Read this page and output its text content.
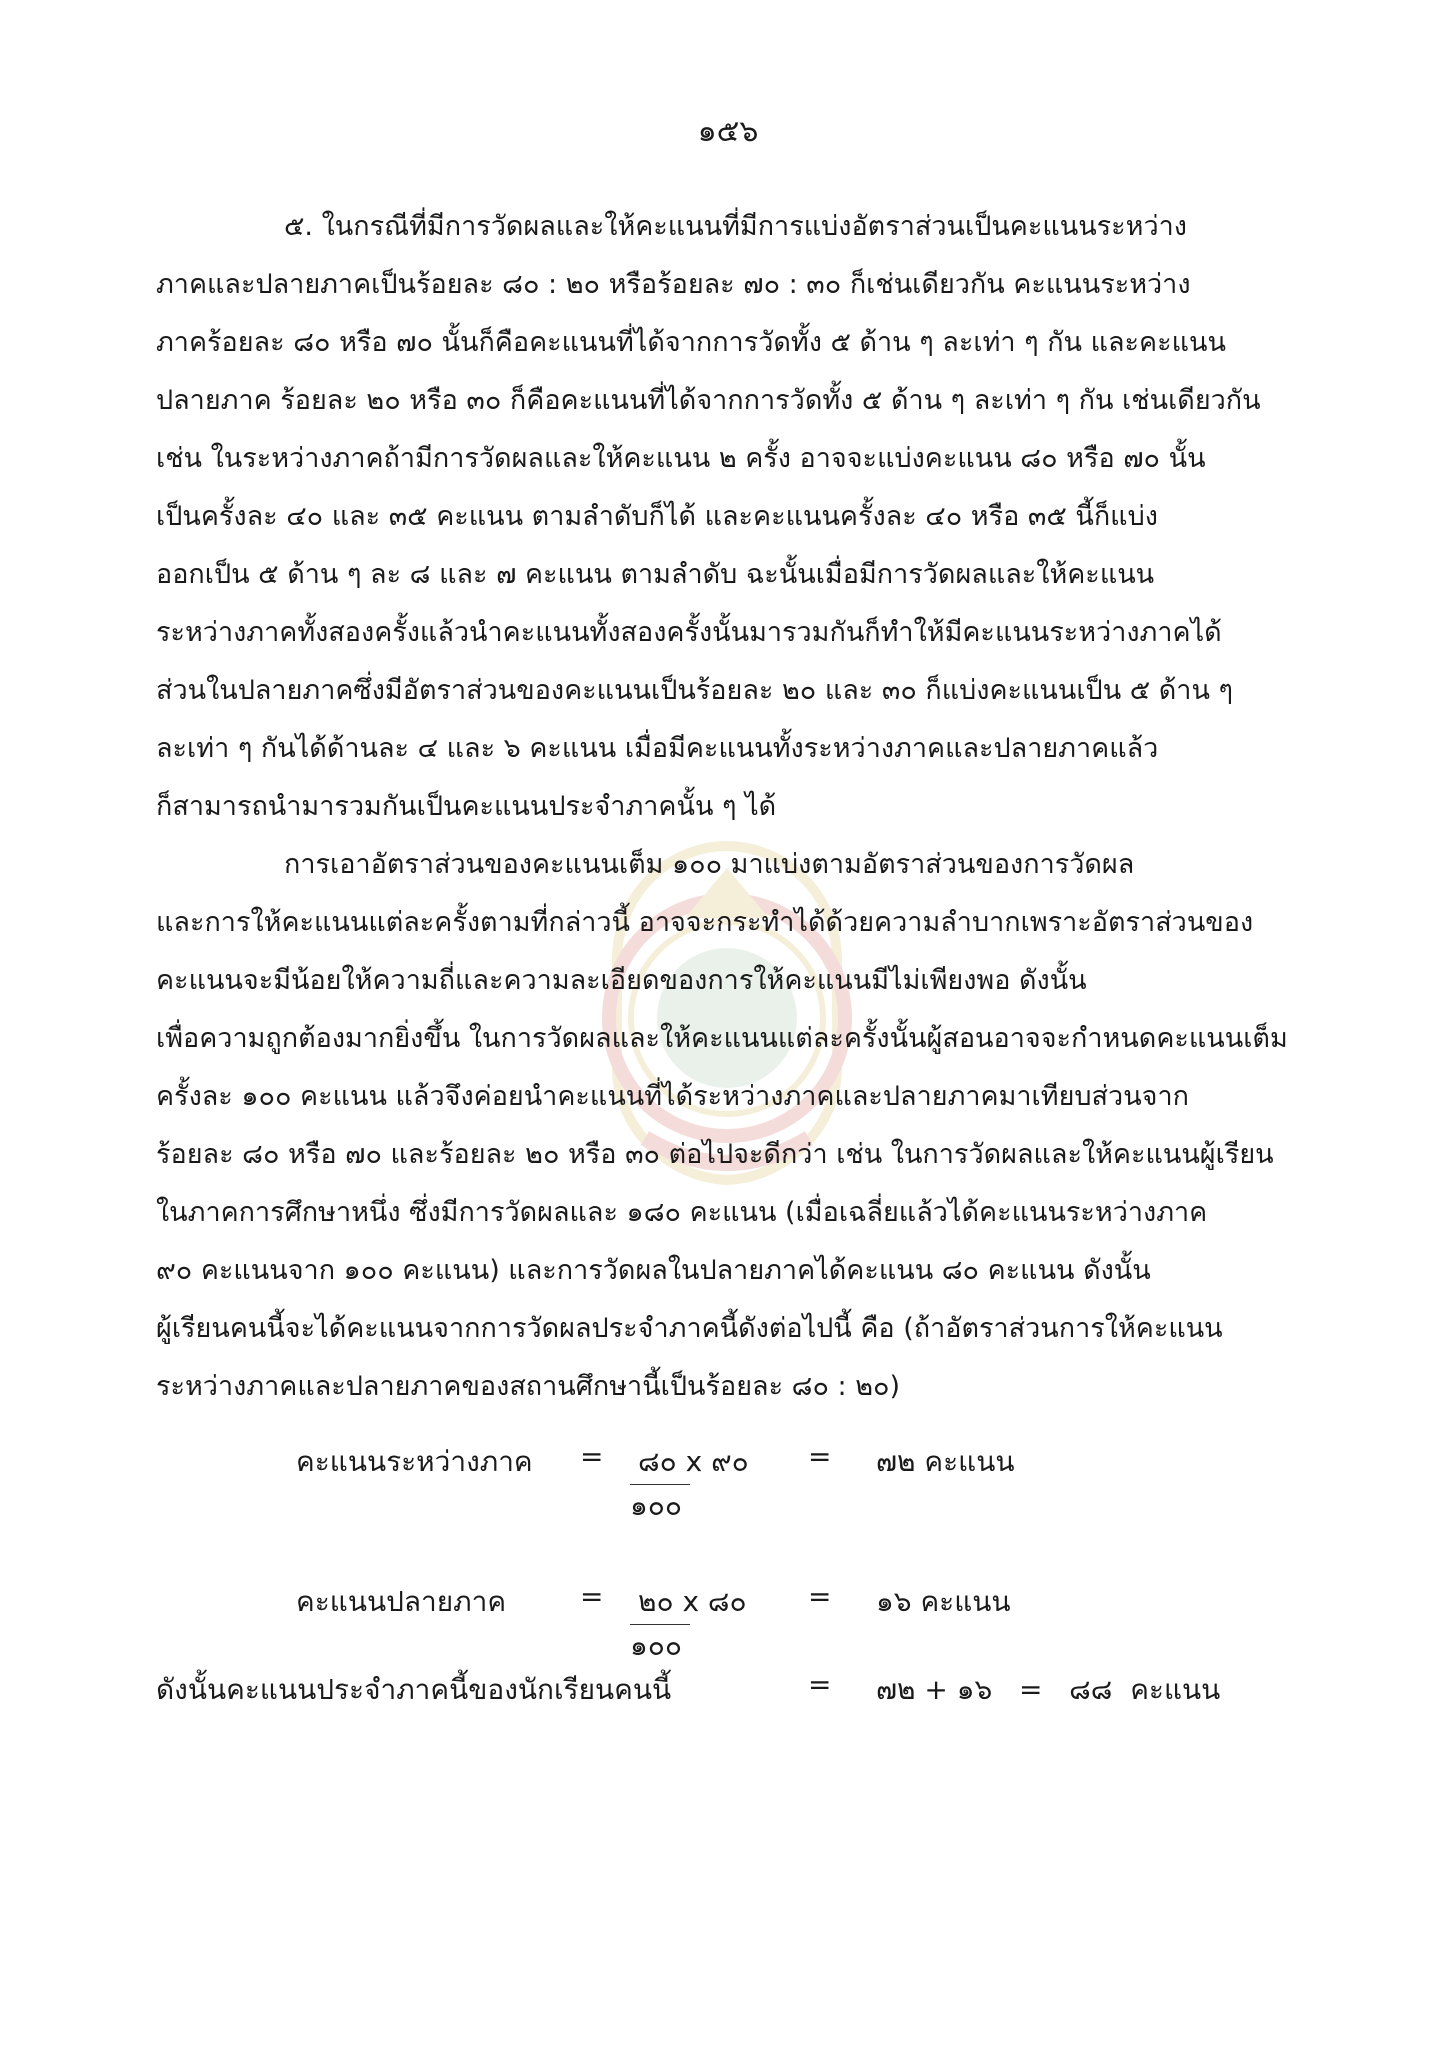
๑๕๖
๕. ในกรณีที่มีการวัดผลและให้คะแนนที่มีการแบ่งอัตราส่วนเป็นคะแนนระหว่าง
ภาคและปลายภาคเป็นร้อยละ ๘๐ : ๒๐ หรือร้อยละ ๗๐ : ๓๐ ก็เช่นเดียวกัน คะแนนระหว่าง
ภาคร้อยละ ๘๐ หรือ ๗๐ นั้นก็คือคะแนนที่ได้จากการวัดทั้ง ๕ ด้าน ๆ ละเท่า ๆ กัน และคะแนน
ปลายภาค ร้อยละ ๒๐ หรือ ๓๐ ก็คือคะแนนที่ได้จากการวัดทั้ง ๕ ด้าน ๆ ละเท่า ๆ กัน เช่นเดียวกัน
เช่น ในระหว่างภาคถ้ามีการวัดผลและให้คะแนน ๒ ครั้ง อาจจะแบ่งคะแนน ๘๐ หรือ ๗๐ นั้น
เป็นครั้งละ ๔๐ และ ๓๕ คะแนน ตามลำดับก็ได้ และคะแนนครั้งละ ๔๐ หรือ ๓๕ นี้ก็แบ่ง
ออกเป็น ๕ ด้าน ๆ ละ ๘ และ ๗ คะแนน ตามลำดับ ฉะนั้นเมื่อมีการวัดผลและให้คะแนน
ระหว่างภาคทั้งสองครั้งแล้วนำคะแนนทั้งสองครั้งนั้นมารวมกันก็ทำให้มีคะแนนระหว่างภาคได้
ส่วนในปลายภาคซึ่งมีอัตราส่วนของคะแนนเป็นร้อยละ ๒๐ และ ๓๐ ก็แบ่งคะแนนเป็น ๕ ด้าน ๆ
ละเท่า ๆ กันได้ด้านละ ๔ และ ๖ คะแนน เมื่อมีคะแนนทั้งระหว่างภาคและปลายภาคแล้ว
ก็สามารถนำมารวมกันเป็นคะแนนประจำภาคนั้น ๆ ได้
การเอาอัตราส่วนของคะแนนเต็ม ๑๐๐ มาแบ่งตามอัตราส่วนของการวัดผล
และการให้คะแนนแต่ละครั้งตามที่กล่าวนี้ อาจจะกระทำได้ด้วยความลำบากเพราะอัตราส่วนของ
คะแนนจะมีน้อยให้ความถี่และความละเอียดของการให้คะแนนมีไม่เพียงพอ ดังนั้น
เพื่อความถูกต้องมากยิ่งขึ้น ในการวัดผลและให้คะแนนแต่ละครั้งนั้นผู้สอนอาจจะกำหนดคะแนนเต็ม
ครั้งละ ๑๐๐ คะแนน แล้วจึงค่อยนำคะแนนที่ได้ระหว่างภาคและปลายภาคมาเทียบส่วนจาก
ร้อยละ ๘๐ หรือ ๗๐ และร้อยละ ๒๐ หรือ ๓๐ ต่อไปจะดีกว่า เช่น ในการวัดผลและให้คะแนนผู้เรียน
ในภาคการศึกษาหนึ่ง ซึ่งมีการวัดผลและ ๑๘๐ คะแนน (เมื่อเฉลี่ยแล้วได้คะแนนระหว่างภาค
๙๐ คะแนนจาก ๑๐๐ คะแนน) และการวัดผลในปลายภาคได้คะแนน ๘๐ คะแนน ดังนั้น
ผู้เรียนคนนี้จะได้คะแนนจากการวัดผลประจำภาคนี้ดังต่อไปนี้ คือ (ถ้าอัตราส่วนการให้คะแนน
ระหว่างภาคและปลายภาคของสถานศึกษานี้เป็นร้อยละ ๘๐ : ๒๐)
คะแนนระหว่างภาค = ๘๐ x ๙๐
๑๐๐
= ๗๒ คะแนน
คะแนนปลายภาค	= ๒๐ x ๘๐
๑๐๐
= ๑๖ คะแนน
ดังนั้นคะแนนประจำภาคนี้ของนักเรียนคนนี้	= ๗๒ + ๑๖   =   ๘๘  คะแนน
